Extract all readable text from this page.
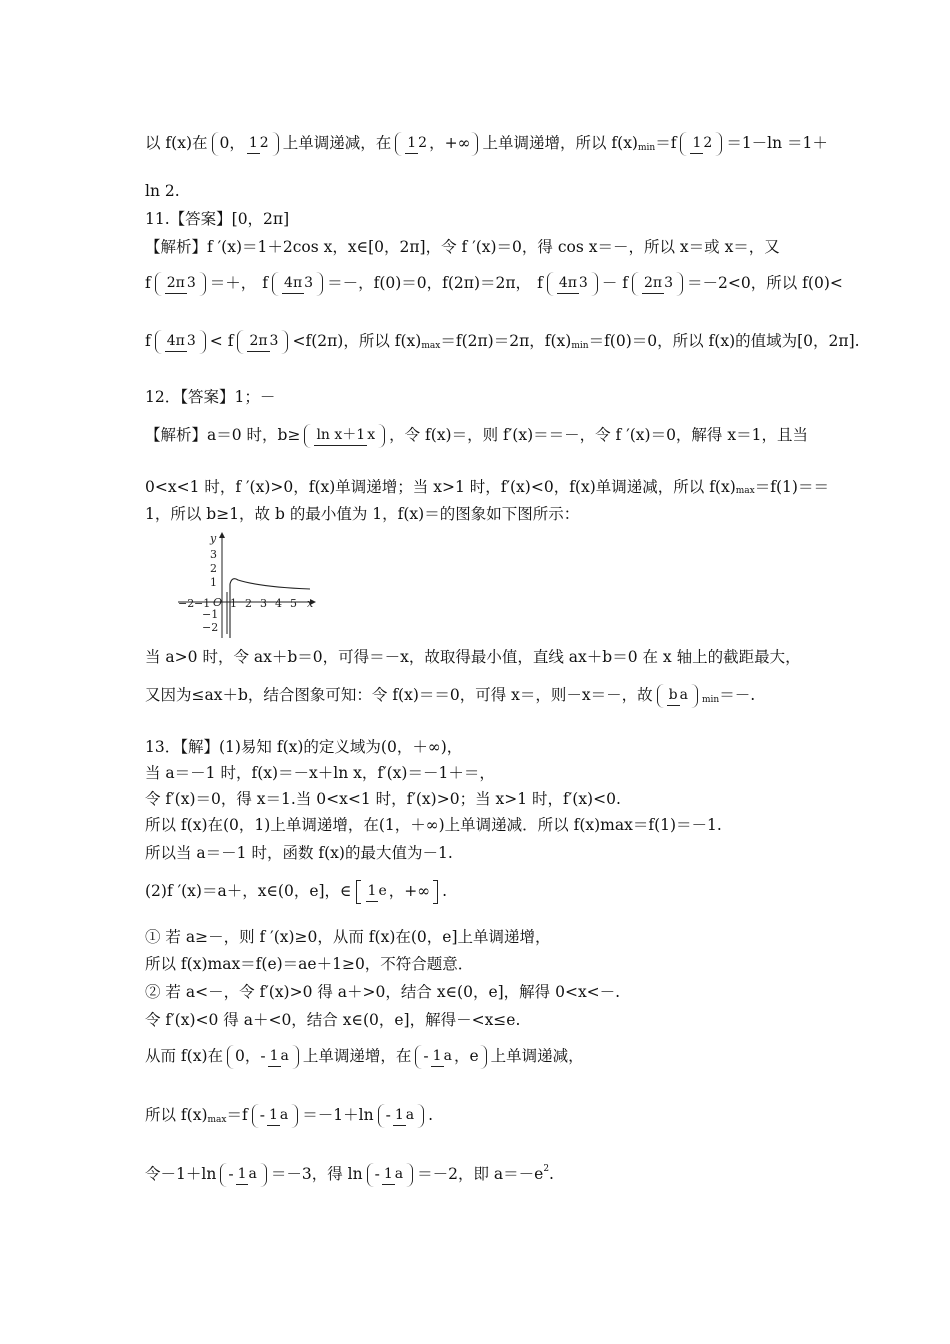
以 f(x)在 0， 1 2 上单调递减，在	1 2 ，+∞ 上单调递增，所以 f(x) min ＝f	1 2 ＝1－ln ＝1＋
ln 2.
11.【答案】[0，2π]
【解析】f ′(x)＝1＋2cos x，x∈[0，2π]，令 f ′(x)＝0，得 cos x＝－，所以 x＝或 x＝，又
f	2π 3 ＝＋， f	4π 3 ＝－，f(0)＝0，f(2π)＝2π， f	4π 3 － f	2π 3 ＝－2<0，所以 f(0)<
f	4π 3 < f	2π 3 <f(2π)，所以 f(x) max ＝f(2π)＝2π，f(x) min ＝f(0)＝0，所以 f(x)的值域为[0，2π].
12．【答案】1；－
【解析】a＝0 时，b≥	ln x＋1 x ，令 f(x)＝，则 f′(x)＝＝－，令 f ′(x)＝0，解得 x＝1，且当
0<x<1 时，f ′(x)>0，f(x)单调递增；当 x>1 时，f′(x)<0，f(x)单调递减，所以 f(x) max ＝f(1)＝＝
1，所以 b≥1，故 b 的最小值为 1，f(x)＝的图象如下图所示：
y
x
O
3
2
1
−1
−2
−2 −1 1 2 3 4 5
当 a>0 时，令 ax＋b＝0，可得＝－x，故取得最小值，直线 ax＋b＝0 在 x 轴上的截距最大，
又因为≤ax＋b，结合图象可知：令 f(x)＝＝0，可得 x＝，则－x＝－，故	b a	min ＝－.
13．【解】(1)易知 f(x)的定义域为(0，＋∞)，
当 a＝－1 时，f(x)＝－x＋ln x，f′(x)＝－1＋＝，
令 f′(x)＝0，得 x＝1.当 0<x<1 时，f′(x)>0；当 x>1 时，f′(x)<0.
所以 f(x)在(0，1)上单调递增，在(1，＋∞)上单调递减．所以 f(x)max＝f(1)＝－1.
所以当 a＝－1 时，函数 f(x)的最大值为－1.
(2)f ′(x)＝a＋，x∈(0，e]，∈	1 e ，+∞ .
① 若 a≥－，则 f ′(x)≥0，从而 f(x)在(0，e]上单调递增，
所以 f(x)max＝f(e)＝ae＋1≥0，不符合题意．
② 若 a<－，令 f′(x)>0 得 a＋>0，结合 x∈(0，e]，解得 0<x<－.
令 f′(x)<0 得 a＋<0，结合 x∈(0，e]，解得－<x≤e.
从而 f(x)在 0，- 1 a 上单调递增，在 - 1 a ，e 上单调递减，
所以 f(x) max ＝f - 1 a ＝－1＋ln - 1 a .
令－1＋ln - 1 a ＝－3，得 ln - 1 a ＝－2，即 a＝－e 2 .
